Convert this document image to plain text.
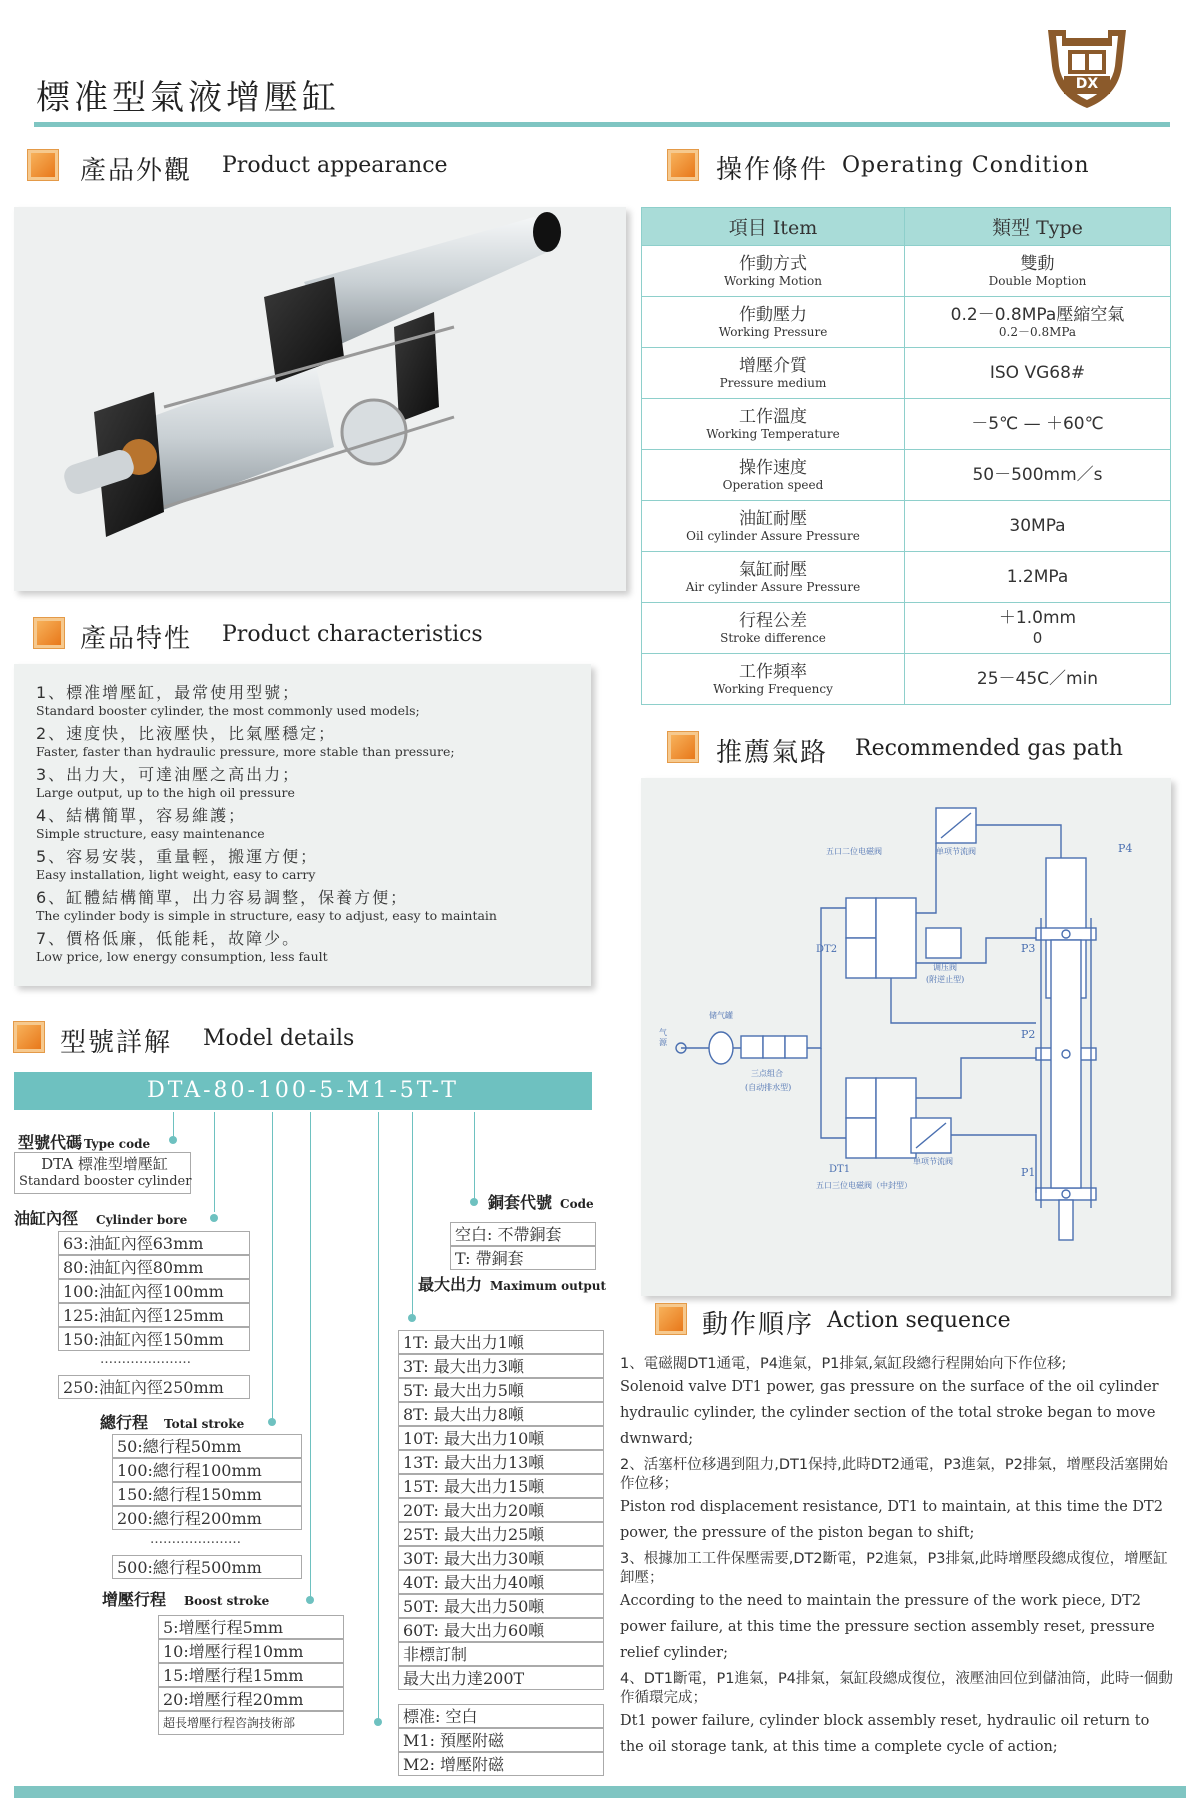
標准型氣液增壓缸	DX
產品外觀 Product appearance	操作條件 Operating Condition
項目 Item	類型 Type

作動方式
Working Motion	雙動
Double Moption

作動壓力
Working Pressure	0.2－0.8MPa壓縮空氣
0.2－0.8MPa

增壓介質
Pressure medium	ISO VG68#

工作溫度
Working Temperature	－5℃ — ＋60℃

操作速度
Operation speed	50－500mm／s

油缸耐壓
Oil cylinder Assure Pressure	30MPa

氣缸耐壓
Air cylinder Assure Pressure	1.2MPa

行程公差
Stroke difference	＋1.0mm
0

工作頻率
Working Frequency	25－45C／min
產品特性 Product characteristics
1、標准增壓缸，最常使用型號；
Standard booster cylinder, the most commonly used models;
2、速度快，比液壓快，比氣壓穩定；
Faster, faster than hydraulic pressure, more stable than pressure;
3、出力大，可達油壓之高出力；
Large output, up to the high oil pressure
4、結構簡單，容易維護；
Simple structure, easy maintenance
5、容易安裝，重量輕，搬運方便；
Easy installation, light weight, easy to carry
6、缸體結構簡單，出力容易調整，保養方便；
The cylinder body is simple in structure, easy to adjust, easy to maintain
7、價格低廉，低能耗，故障少。
Low price, low energy consumption, less fault
推薦氣路 Recommended gas path
五口二位电磁阀	单项节流阀	P4
P3
P2
P1
DT2
DT1
调压阀
(附逆止型)
储气罐
气源
三点组合
(自动排水型)
单项节流阀
五口三位电磁阀（中封型）
型號詳解 Model details
DTA-80-100-5-M1-5T-T
型號代碼 Type code
DTA 標准型增壓缸
Standard booster cylinder
油缸內徑 Cylinder bore
63:油缸內徑63mm
80:油缸內徑80mm
100:油缸內徑100mm
125:油缸內徑125mm
150:油缸內徑150mm
…………………
250:油缸內徑250mm
總行程 Total stroke
50:總行程50mm
100:總行程100mm
150:總行程150mm
200:總行程200mm
…………………
500:總行程500mm
增壓行程 Boost stroke
5:增壓行程5mm
10:增壓行程10mm
15:增壓行程15mm
20:增壓行程20mm
超長增壓行程咨詢技術部
銅套代號 Code
空白: 不帶銅套
T: 帶銅套
最大出力 Maximum output
1T: 最大出力1噸
3T: 最大出力3噸
5T: 最大出力5噸
8T: 最大出力8噸
10T: 最大出力10噸
13T: 最大出力13噸
15T: 最大出力15噸
20T: 最大出力20噸
25T: 最大出力25噸
30T: 最大出力30噸
40T: 最大出力40噸
50T: 最大出力50噸
60T: 最大出力60噸
非標訂制
最大出力達200T
標准: 空白
M1: 預壓附磁
M2: 增壓附磁
動作順序 Action sequence
1、電磁閥DT1通電，P4進氣，P1排氣,氣缸段總行程開始向下作位移;
Solenoid valve DT1 power, gas pressure on the surface of the oil cylinder hydraulic cylinder, the cylinder section of the total stroke began to move dwnward;
2、活塞杆位移遇到阻力,DT1保持,此時DT2通電，P3進氣，P2排氣，增壓段活塞開始作位移；
Piston rod displacement resistance, DT1 to maintain, at this time the DT2 power, the pressure of the piston began to shift;
3、根據加工工件保壓需要,DT2斷電，P2進氣，P3排氣,此時增壓段總成復位，增壓缸卸壓；
According to the need to maintain the pressure of the work piece, DT2 power failure, at this time the pressure section assembly reset, pressure relief cylinder;
4、DT1斷電，P1進氣，P4排氣，氣缸段總成復位，液壓油回位到儲油筒，此時一個動作循環完成；
Dt1 power failure, cylinder block assembly reset, hydraulic oil return to the oil storage tank, at this time a complete cycle of action;
